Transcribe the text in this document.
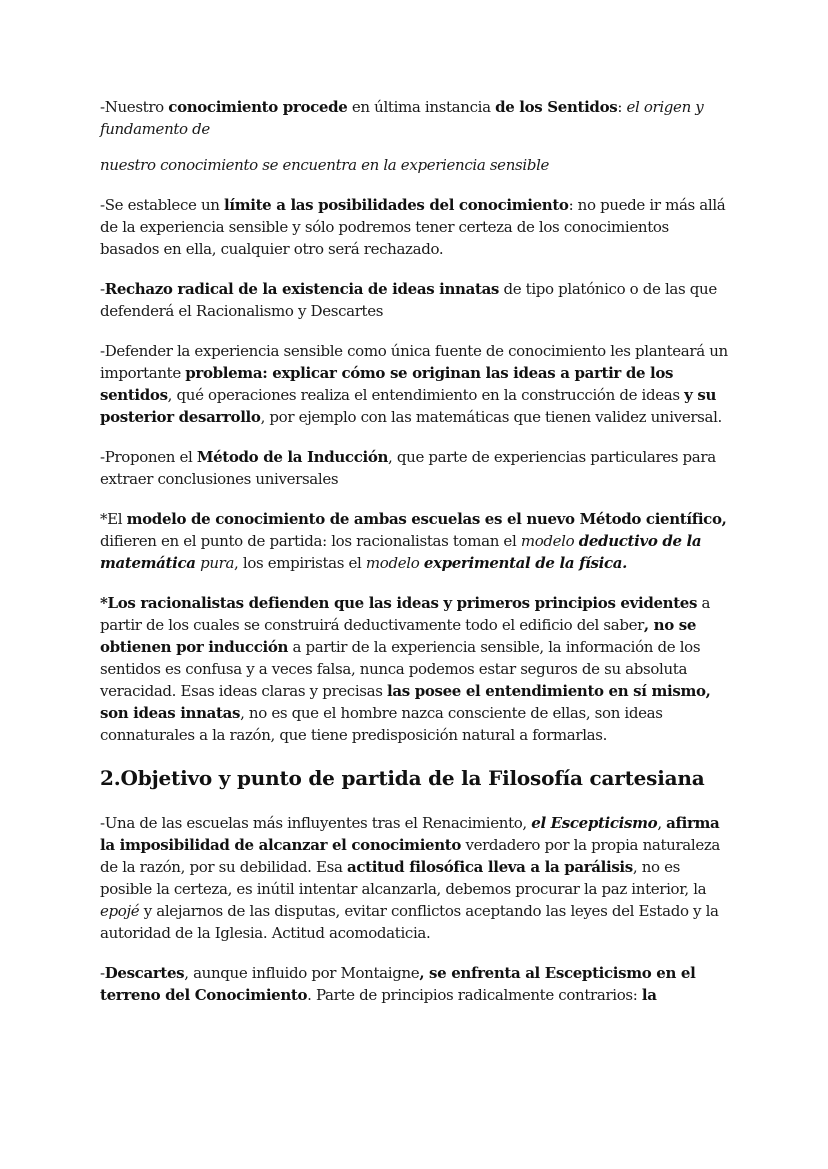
-Nuestro conocimiento procede en última instancia de los Sentidos: el origen y fundamento de

nuestro conocimiento se encuentra en la experiencia sensible

-Se establece un límite a las posibilidades del conocimiento: no puede ir más allá de la experiencia sensible y sólo podremos tener certeza de los conocimientos basados en ella, cualquier otro será rechazado.

-Rechazo radical de la existencia de ideas innatas de tipo platónico o de las que defenderá el Racionalismo y Descartes

-Defender la experiencia sensible como única fuente de conocimiento les planteará un importante problema: explicar cómo se originan las ideas a partir de los sentidos, qué operaciones realiza el entendimiento en la construcción de ideas y su posterior desarrollo, por ejemplo con las matemáticas que tienen validez universal.

-Proponen el Método de la Inducción, que parte de experiencias particulares para extraer conclusiones universales

*El modelo de conocimiento de ambas escuelas es el nuevo Método científico, difieren en el punto de partida: los racionalistas toman el modelo deductivo de la matemática pura, los empiristas el modelo experimental de la física.

*Los racionalistas defienden que las ideas y primeros principios evidentes a partir de los cuales se construirá deductivamente todo el edificio del saber, no se obtienen por inducción a partir de la experiencia sensible, la información de los sentidos es confusa y a veces falsa, nunca podemos estar seguros de su absoluta veracidad. Esas ideas claras y precisas las posee el entendimiento en sí mismo, son ideas innatas, no es que el hombre nazca consciente de ellas, son ideas connaturales a la razón, que tiene predisposición natural a formarlas.

2.Objetivo y punto de partida de la Filosofía cartesiana

-Una de las escuelas más influyentes tras el Renacimiento, el Escepticismo, afirma la imposibilidad de alcanzar el conocimiento verdadero por la propia naturaleza de la razón, por su debilidad. Esa actitud filosófica lleva a la parálisis, no es posible la certeza, es inútil intentar alcanzarla, debemos procurar la paz interior, la epojé y alejarnos de las disputas, evitar conflictos aceptando las leyes del Estado y la autoridad de la Iglesia. Actitud acomodaticia.

-Descartes, aunque influido por Montaigne, se enfrenta al Escepticismo en el terreno del Conocimiento. Parte de principios radicalmente contrarios: la
